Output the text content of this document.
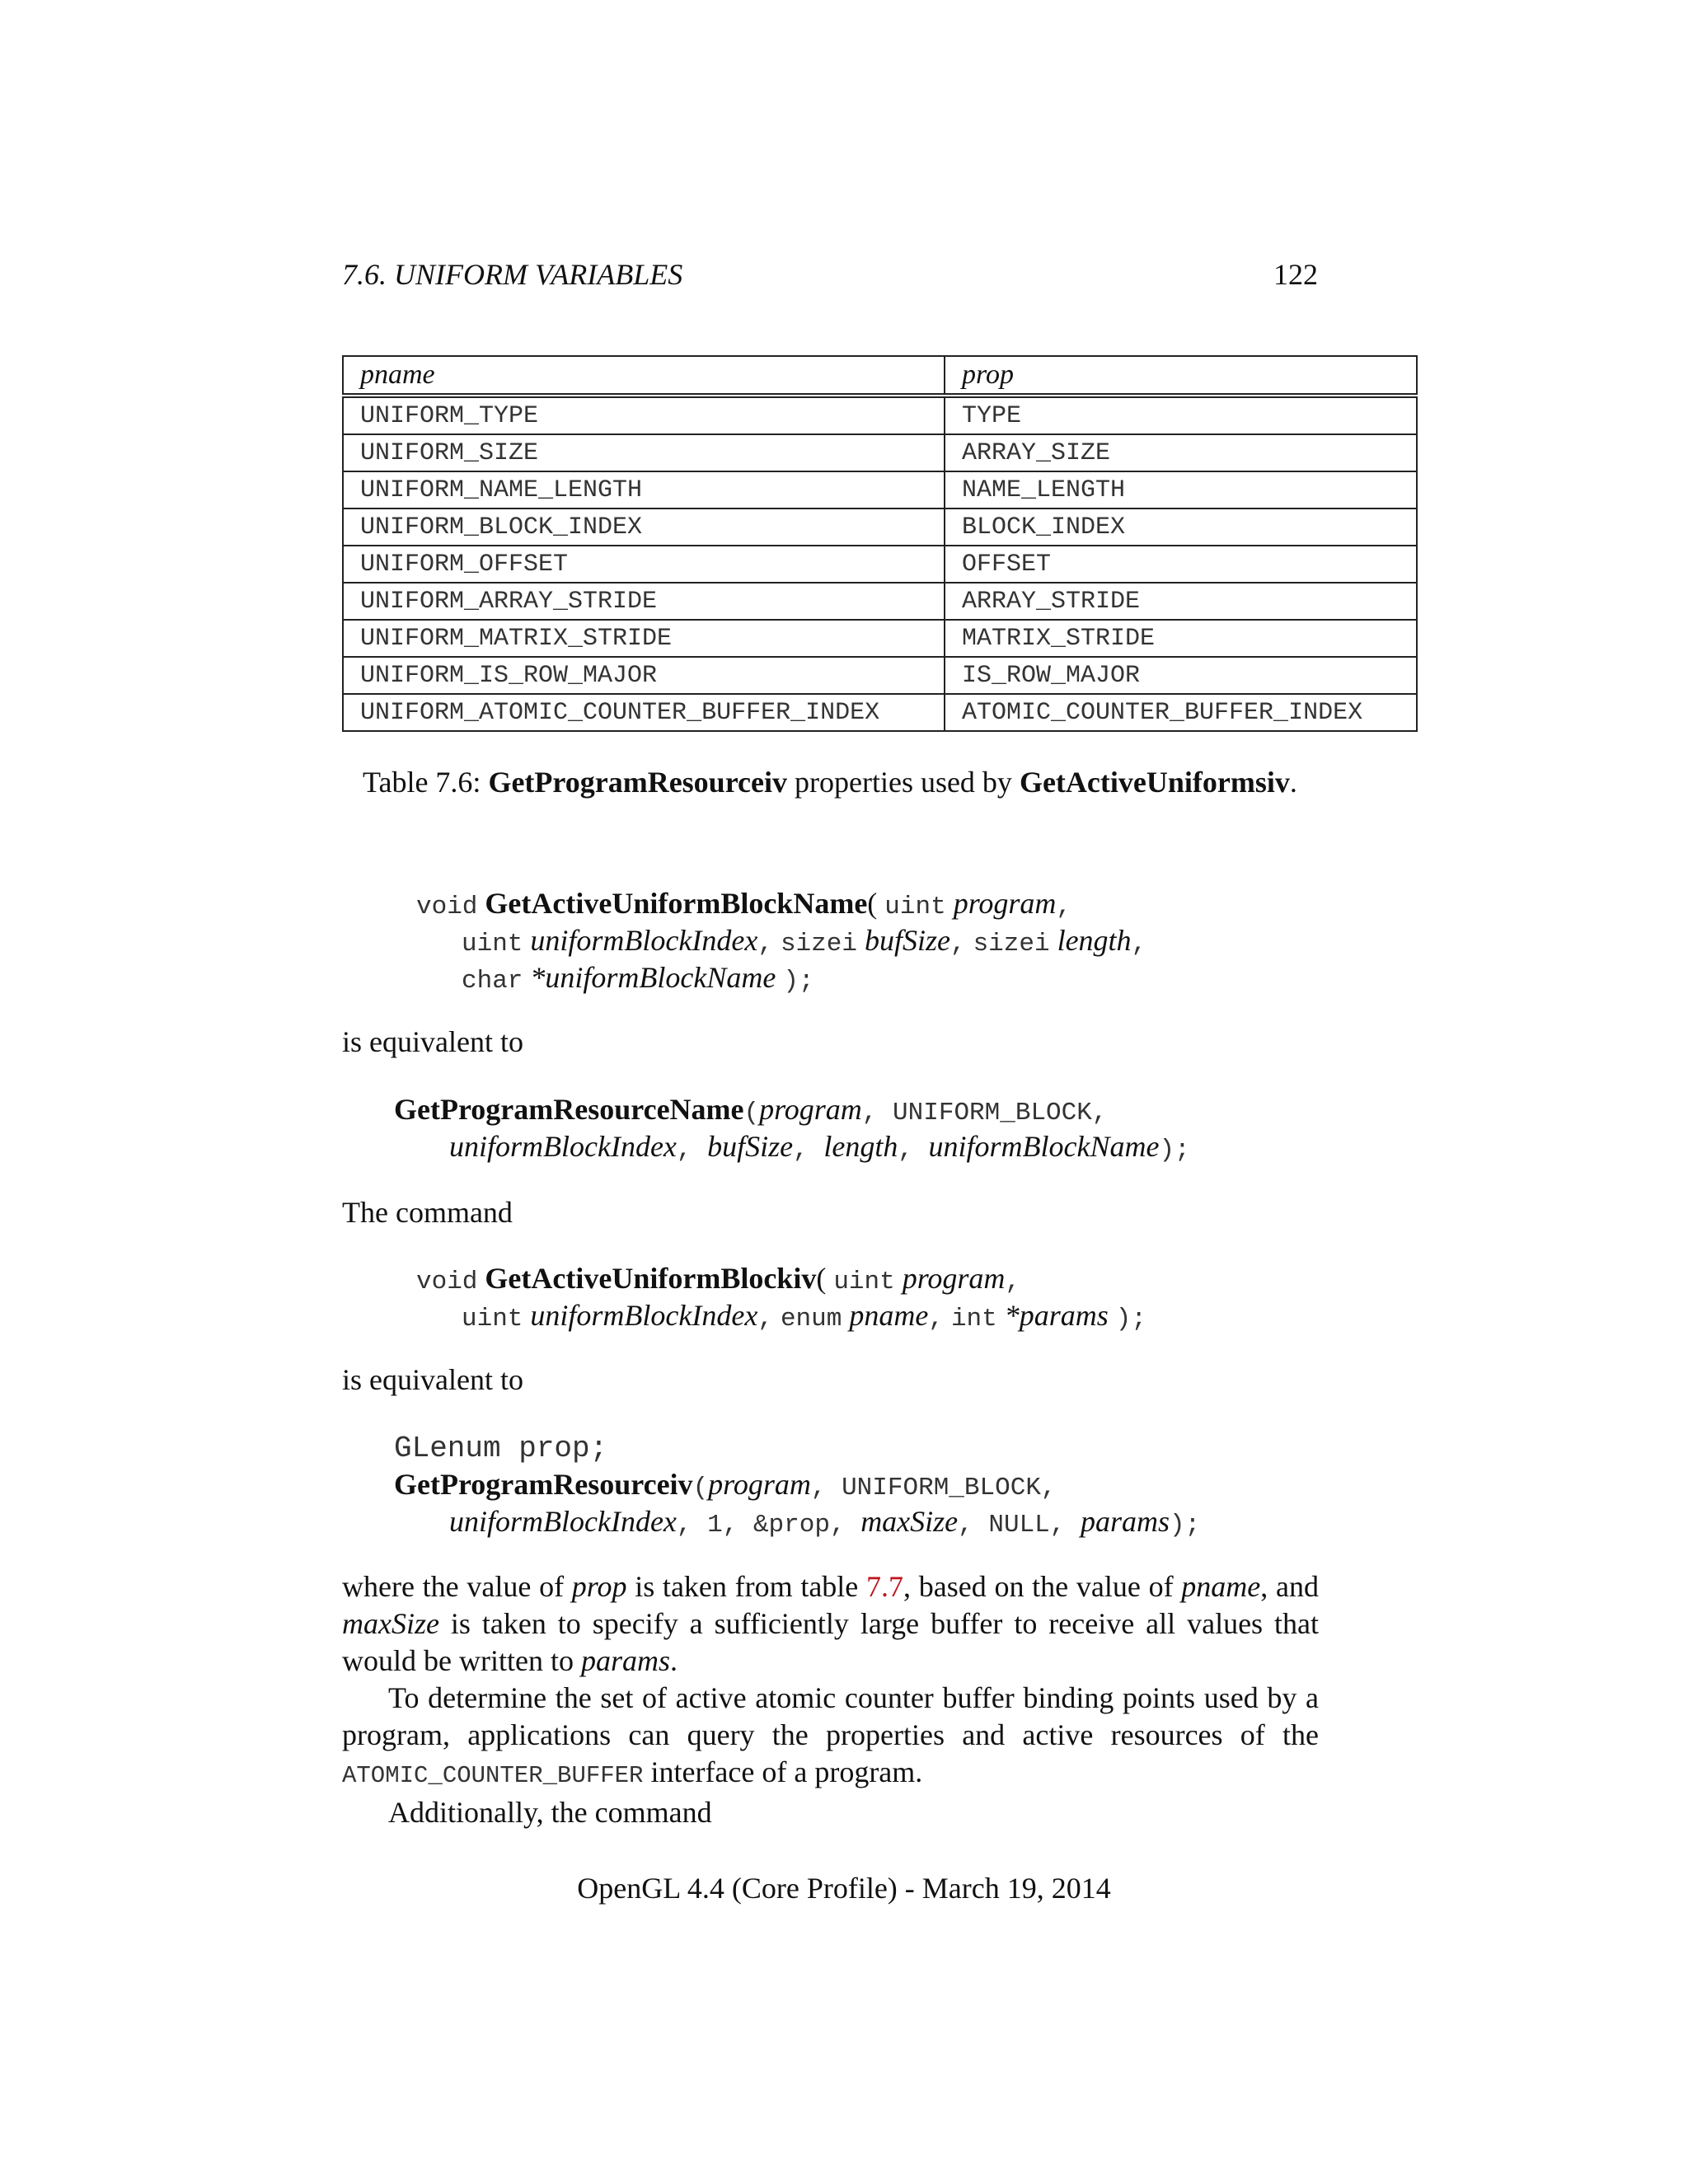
7.6. UNIFORM VARIABLES	122
pname	prop
UNIFORM_TYPE	TYPE
UNIFORM_SIZE	ARRAY_SIZE
UNIFORM_NAME_LENGTH	NAME_LENGTH
UNIFORM_BLOCK_INDEX	BLOCK_INDEX
UNIFORM_OFFSET	OFFSET
UNIFORM_ARRAY_STRIDE	ARRAY_STRIDE
UNIFORM_MATRIX_STRIDE	MATRIX_STRIDE
UNIFORM_IS_ROW_MAJOR	IS_ROW_MAJOR
UNIFORM_ATOMIC_COUNTER_BUFFER_INDEX	ATOMIC_COUNTER_BUFFER_INDEX
Table 7.6: GetProgramResourceiv properties used by GetActiveUniformsiv.
void GetActiveUniformBlockName( uint program,
uint uniformBlockIndex, sizei bufSize, sizei length,
char *uniformBlockName );
is equivalent to
GetProgramResourceName(program, UNIFORM_BLOCK,
uniformBlockIndex, bufSize, length, uniformBlockName);
The command
void GetActiveUniformBlockiv( uint program,
uint uniformBlockIndex, enum pname, int *params );
is equivalent to
GLenum prop;
GetProgramResourceiv(program, UNIFORM_BLOCK,
uniformBlockIndex, 1, &prop, maxSize, NULL, params);

where the value of prop is taken from table 7.7, based on the value of pname, and maxSize is taken to specify a sufficiently large buffer to receive all values that would be written to params.

To determine the set of active atomic counter buffer binding points used by a program, applications can query the properties and active resources of the ATOMIC_COUNTER_BUFFER interface of a program.

Additionally, the command

OpenGL 4.4 (Core Profile) - March 19, 2014
